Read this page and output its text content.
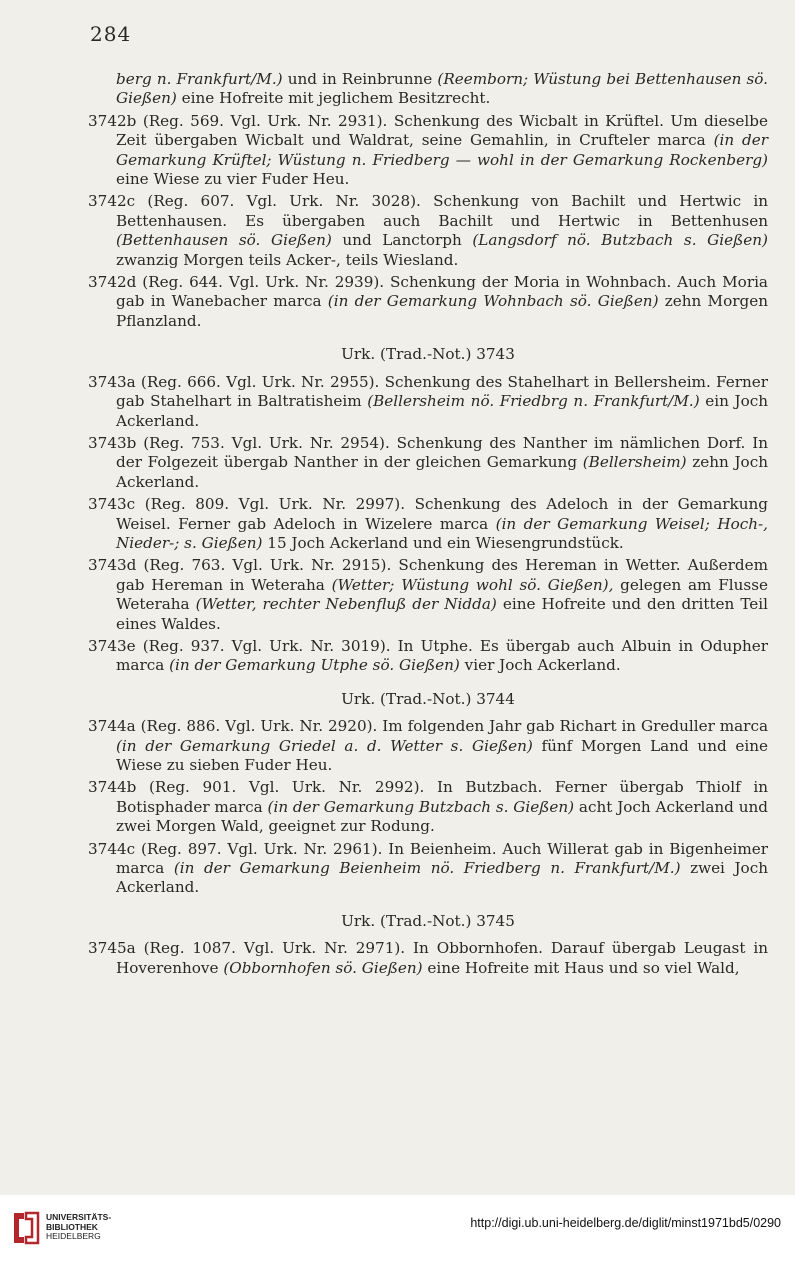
284
berg n. Frankfurt/M.) und in Reinbrunne (Reemborn; Wüstung bei Bettenhausen sö. Gießen) eine Hofreite mit jeglichem Besitzrecht.
3742b (Reg. 569. Vgl. Urk. Nr. 2931). Schenkung des Wicbalt in Krüftel. Um dieselbe Zeit übergaben Wicbalt und Waldrat, seine Gemahlin, in Crufteler marca (in der Gemarkung Krüftel; Wüstung n. Friedberg — wohl in der Gemarkung Rockenberg) eine Wiese zu vier Fuder Heu.
3742c (Reg. 607. Vgl. Urk. Nr. 3028). Schenkung von Bachilt und Hertwic in Bettenhausen. Es übergaben auch Bachilt und Hertwic in Bettenhusen (Bettenhausen sö. Gießen) und Lanctorph (Langsdorf nö. Butzbach s. Gießen) zwanzig Morgen teils Acker-, teils Wiesland.
3742d (Reg. 644. Vgl. Urk. Nr. 2939). Schenkung der Moria in Wohnbach. Auch Moria gab in Wanebacher marca (in der Gemarkung Wohnbach sö. Gießen) zehn Morgen Pflanzland.
Urk. (Trad.-Not.) 3743
3743a (Reg. 666. Vgl. Urk. Nr. 2955). Schenkung des Stahelhart in Bellersheim. Ferner gab Stahelhart in Baltratisheim (Bellersheim nö. Friedbrg n. Frankfurt/M.) ein Joch Ackerland.
3743b (Reg. 753. Vgl. Urk. Nr. 2954). Schenkung des Nanther im nämlichen Dorf. In der Folgezeit übergab Nanther in der gleichen Gemarkung (Bellersheim) zehn Joch Ackerland.
3743c (Reg. 809. Vgl. Urk. Nr. 2997). Schenkung des Adeloch in der Gemarkung Weisel. Ferner gab Adeloch in Wizelere marca (in der Gemarkung Weisel; Hoch-, Nieder-; s. Gießen) 15 Joch Ackerland und ein Wiesengrundstück.
3743d (Reg. 763. Vgl. Urk. Nr. 2915). Schenkung des Hereman in Wetter. Außerdem gab Hereman in Weteraha (Wetter; Wüstung wohl sö. Gießen), gelegen am Flusse Weteraha (Wetter, rechter Nebenfluß der Nidda) eine Hofreite und den dritten Teil eines Waldes.
3743e (Reg. 937. Vgl. Urk. Nr. 3019). In Utphe. Es übergab auch Albuin in Odupher marca (in der Gemarkung Utphe sö. Gießen) vier Joch Ackerland.
Urk. (Trad.-Not.) 3744
3744a (Reg. 886. Vgl. Urk. Nr. 2920). Im folgenden Jahr gab Richart in Greduller marca (in der Gemarkung Griedel a. d. Wetter s. Gießen) fünf Morgen Land und eine Wiese zu sieben Fuder Heu.
3744b (Reg. 901. Vgl. Urk. Nr. 2992). In Butzbach. Ferner übergab Thiolf in Botisphader marca (in der Gemarkung Butzbach s. Gießen) acht Joch Ackerland und zwei Morgen Wald, geeignet zur Rodung.
3744c (Reg. 897. Vgl. Urk. Nr. 2961). In Beienheim. Auch Willerat gab in Bigenheimer marca (in der Gemarkung Beienheim nö. Friedberg n. Frankfurt/M.) zwei Joch Ackerland.
Urk. (Trad.-Not.) 3745
3745a (Reg. 1087. Vgl. Urk. Nr. 2971). In Obbornhofen. Darauf übergab Leugast in Hoverenhove (Obbornhofen sö. Gießen) eine Hofreite mit Haus und so viel Wald,
UNIVERSITÄTS-
BIBLIOTHEK
HEIDELBERG
http://digi.ub.uni-heidelberg.de/diglit/minst1971bd5/0290
